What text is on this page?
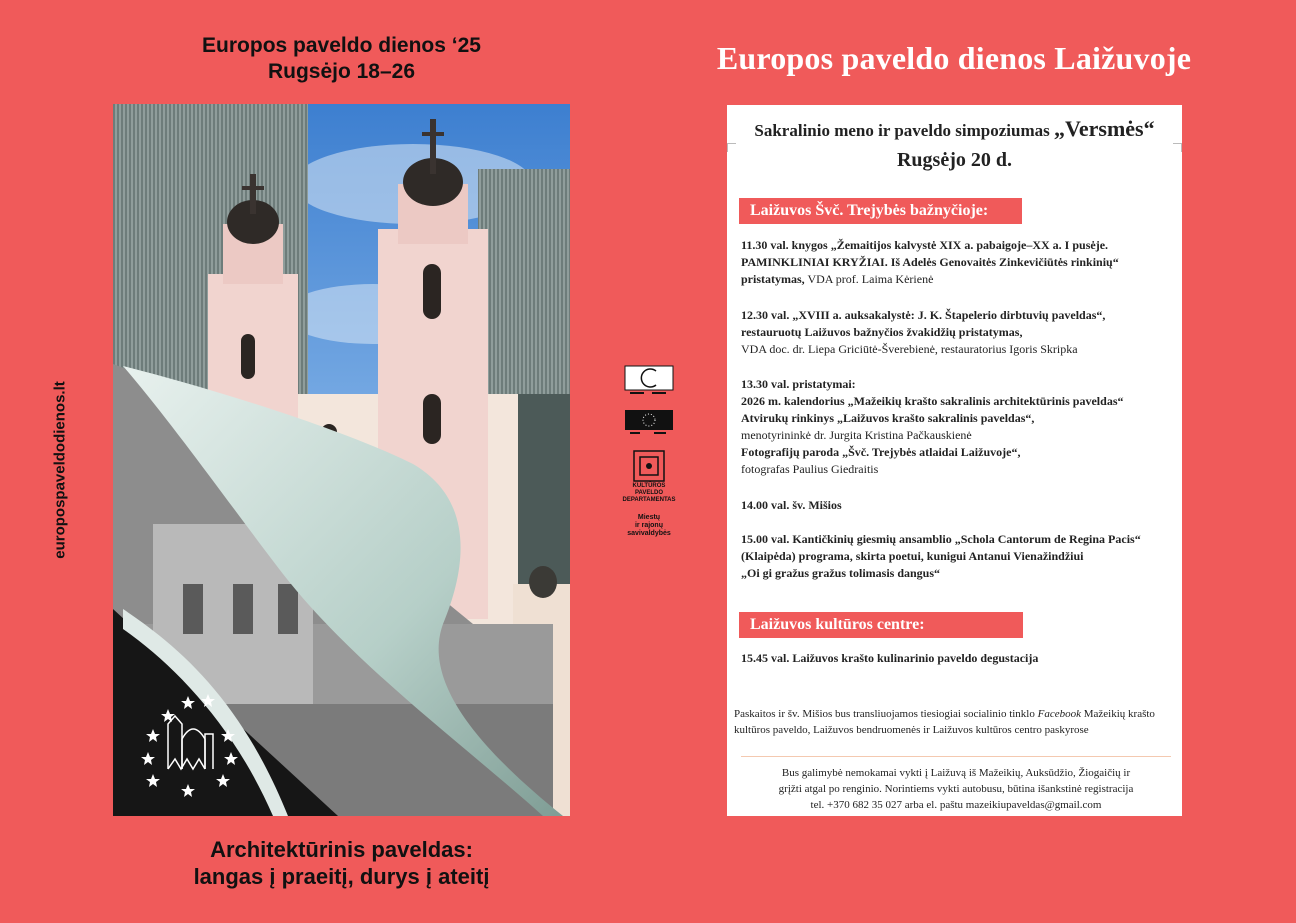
Europos paveldo dienos ‘25
Rugsėjo 18–26
europospaveldodienos.lt
Architektūrinis paveldas:
langas į praeitį, durys į ateitį
KULTŪROS
PAVELDO
DEPARTAMENTAS
Miestų
ir rajonų
savivaldybės
Europos paveldo dienos Laižuvoje
Sakralinio meno ir paveldo simpoziumas „Versmės“
Rugsėjo 20 d.
Laižuvos Švč. Trejybės bažnyčioje:
11.30 val. knygos „Žemaitijos kalvystė XIX a. pabaigoje–XX a. I pusėje.
PAMINKLINIAI KRYŽIAI. Iš Adelės Genovaitės Zinkevičiūtės rinkinių“
pristatymas, VDA prof. Laima Kėrienė
12.30 val. „XVIII a. auksakalystė: J. K. Štapelerio dirbtuvių paveldas“,
restauruotų Laižuvos bažnyčios žvakidžių pristatymas,
VDA doc. dr. Liepa Griciūtė-Šverebienė, restauratorius Igoris Skripka
13.30 val. pristatymai:
2026 m. kalendorius „Mažeikių krašto sakralinis architektūrinis paveldas“
Atvirukų rinkinys „Laižuvos krašto sakralinis paveldas“,
menotyrininkė dr. Jurgita Kristina Pačkauskienė
Fotografijų paroda „Švč. Trejybės atlaidai Laižuvoje“,
fotografas Paulius Giedraitis
14.00 val. šv. Mišios
15.00 val. Kantičkinių giesmių ansamblio „Schola Cantorum de Regina Pacis“
(Klaipėda) programa, skirta poetui, kunigui Antanui Vienažindžiui
„Oi gi gražus gražus tolimasis dangus“
Laižuvos kultūros centre:
15.45 val. Laižuvos krašto kulinarinio paveldo degustacija
Paskaitos ir šv. Mišios bus transliuojamos tiesiogiai socialinio tinklo Facebook Mažeikių krašto
kultūros paveldo, Laižuvos bendruomenės ir Laižuvos kultūros centro paskyrose
Bus galimybė nemokamai vykti į Laižuvą iš Mažeikių, Auksūdžio, Žiogaičių ir
grįžti atgal po renginio. Norintiems vykti autobusu, būtina išankstinė registracija
tel. +370 682 35 027 arba el. paštu mazeikiupaveldas@gmail.com
